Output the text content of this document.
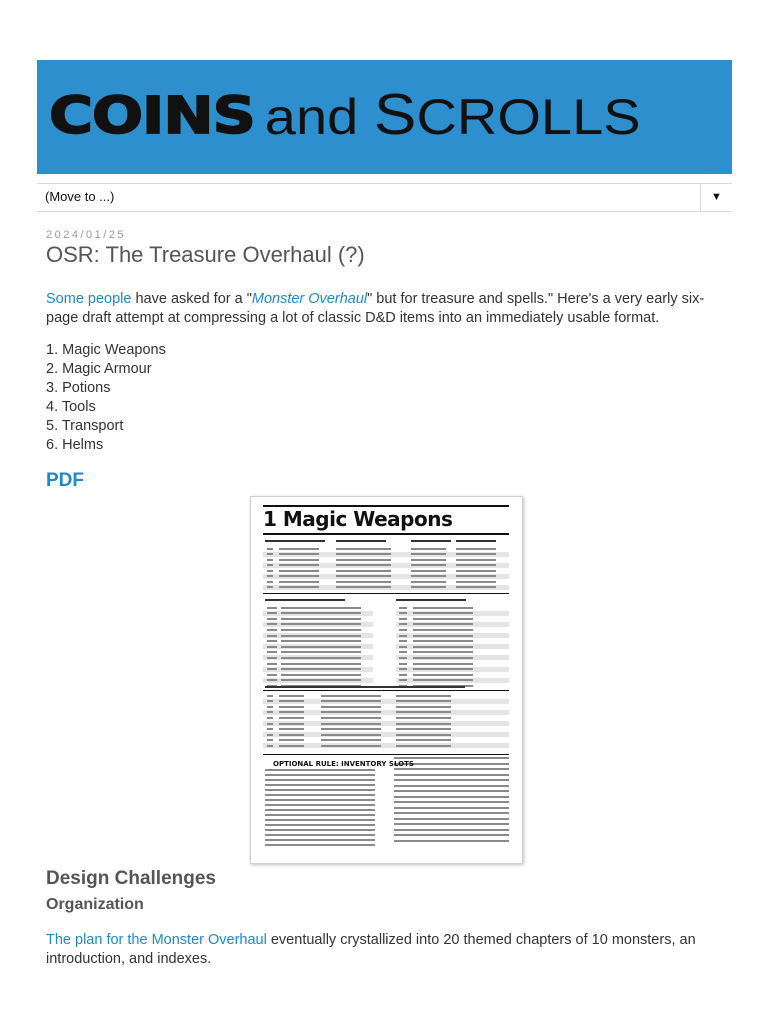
COINS and SCROLLS
(Move to ...)	▼
2024/01/25
OSR: The Treasure Overhaul (?)

Some people have asked for a "Monster Overhaul" but for treasure and spells." Here's a very early six-page draft attempt at compressing a lot of classic D&D items into an immediately usable format.

1. Magic Weapons
2. Magic Armour
3. Potions
4. Tools
5. Transport
6. Helms
PDF
1 Magic Weapons
OPTIONAL RULE: INVENTORY SLOTS
Design Challenges
Organization

The plan for the Monster Overhaul eventually crystallized into 20 themed chapters of 10 monsters, an introduction, and indexes.
